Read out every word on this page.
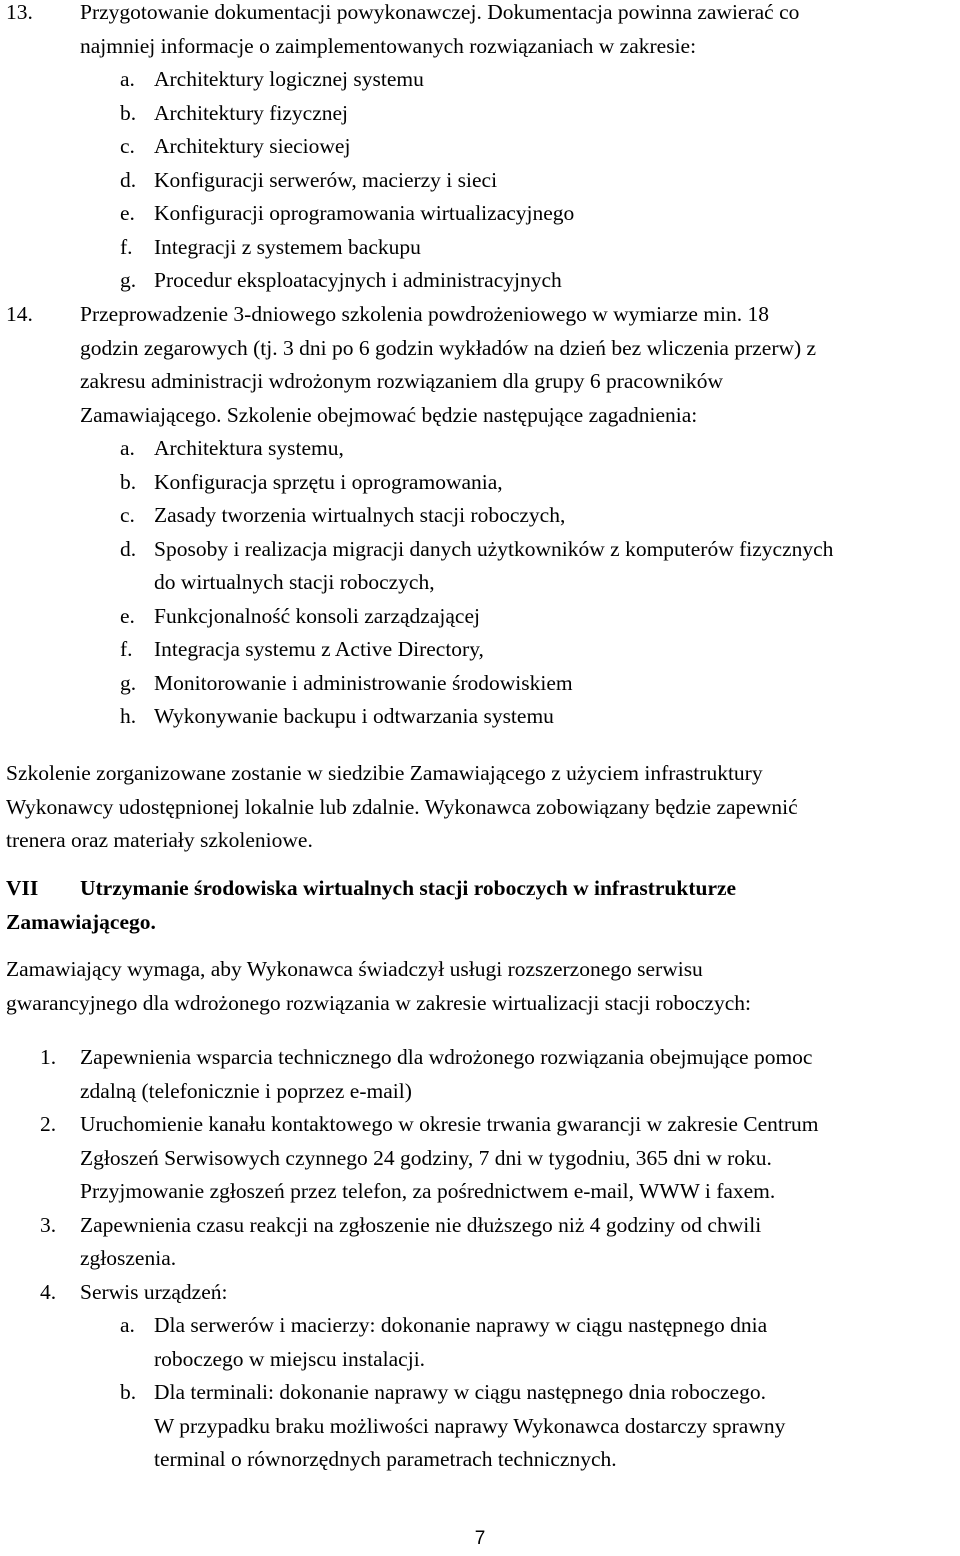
13. Przygotowanie dokumentacji powykonawczej. Dokumentacja powinna zawierać co
najmniej informacje o zaimplementowanych rozwiązaniach w zakresie:
a. Architektury logicznej systemu
b. Architektury fizycznej
c. Architektury sieciowej
d. Konfiguracji serwerów, macierzy i sieci
e. Konfiguracji oprogramowania wirtualizacyjnego
f. Integracji z systemem backupu
g. Procedur eksploatacyjnych i administracyjnych
14. Przeprowadzenie 3-dniowego szkolenia powdrożeniowego w wymiarze min. 18
godzin zegarowych (tj. 3 dni po 6 godzin wykładów na dzień bez wliczenia przerw) z
zakresu administracji wdrożonym rozwiązaniem dla grupy 6 pracowników
Zamawiającego. Szkolenie obejmować będzie następujące zagadnienia:
a. Architektura systemu,
b. Konfiguracja sprzętu i oprogramowania,
c. Zasady tworzenia wirtualnych stacji roboczych,
d. Sposoby i realizacja migracji danych użytkowników z komputerów fizycznych
do wirtualnych stacji roboczych,
e. Funkcjonalność konsoli zarządzającej
f. Integracja systemu z Active Directory,
g. Monitorowanie i administrowanie środowiskiem
h. Wykonywanie backupu i odtwarzania systemu
Szkolenie zorganizowane zostanie w siedzibie Zamawiającego z użyciem infrastruktury
Wykonawcy udostępnionej lokalnie lub zdalnie. Wykonawca zobowiązany będzie zapewnić
trenera oraz materiały szkoleniowe.
VII Utrzymanie środowiska wirtualnych stacji roboczych w infrastrukturze
Zamawiającego.
Zamawiający wymaga, aby Wykonawca świadczył usługi rozszerzonego serwisu
gwarancyjnego dla wdrożonego rozwiązania w zakresie wirtualizacji stacji roboczych:
1. Zapewnienia wsparcia technicznego dla wdrożonego rozwiązania obejmujące pomoc
zdalną (telefonicznie i poprzez e-mail)
2. Uruchomienie kanału kontaktowego w okresie trwania gwarancji w zakresie Centrum
Zgłoszeń Serwisowych czynnego 24 godziny, 7 dni w tygodniu, 365 dni w roku.
Przyjmowanie zgłoszeń przez telefon, za pośrednictwem e-mail, WWW i faxem.
3. Zapewnienia czasu reakcji na zgłoszenie nie dłuższego niż 4 godziny od chwili
zgłoszenia.
4. Serwis urządzeń:
a. Dla serwerów i macierzy: dokonanie naprawy w ciągu następnego dnia
roboczego w miejscu instalacji.
b. Dla terminali: dokonanie naprawy w ciągu następnego dnia roboczego.
W przypadku braku możliwości naprawy Wykonawca dostarczy sprawny
terminal o równorzędnych parametrach technicznych.
7
